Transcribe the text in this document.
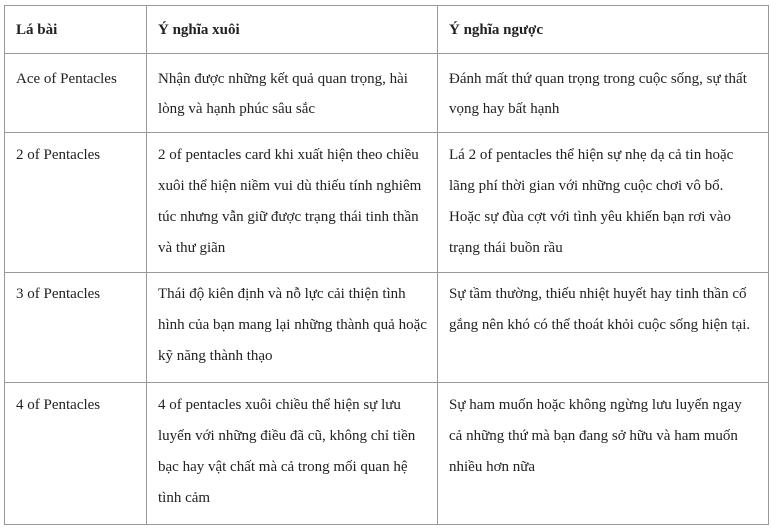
Lá bài	Ý nghĩa xuôi	Ý nghĩa ngược
Ace of Pentacles	Nhận được những kết quả quan trọng, hài lòng và hạnh phúc sâu sắc	Đánh mất thứ quan trọng trong cuộc sống, sự thất vọng hay bất hạnh
2 of Pentacles	2 of pentacles card khi xuất hiện theo chiều xuôi thể hiện niềm vui dù thiếu tính nghiêm túc nhưng vẫn giữ được trạng thái tinh thần và thư giãn	Lá 2 of pentacles thể hiện sự nhẹ dạ cả tin hoặc lãng phí thời gian với những cuộc chơi vô bổ. Hoặc sự đùa cợt với tình yêu khiến bạn rơi vào trạng thái buồn rầu
3 of Pentacles	Thái độ kiên định và nỗ lực cải thiện tình hình của bạn mang lại những thành quả hoặc kỹ năng thành thạo	Sự tầm thường, thiếu nhiệt huyết hay tinh thần cố gắng nên khó có thể thoát khỏi cuộc sống hiện tại.
4 of Pentacles	4 of pentacles xuôi chiều thể hiện sự lưu luyến với những điều đã cũ, không chỉ tiền bạc hay vật chất mà cả trong mối quan hệ tình cảm	Sự ham muốn hoặc không ngừng lưu luyến ngay cả những thứ mà bạn đang sở hữu và ham muốn nhiều hơn nữa
